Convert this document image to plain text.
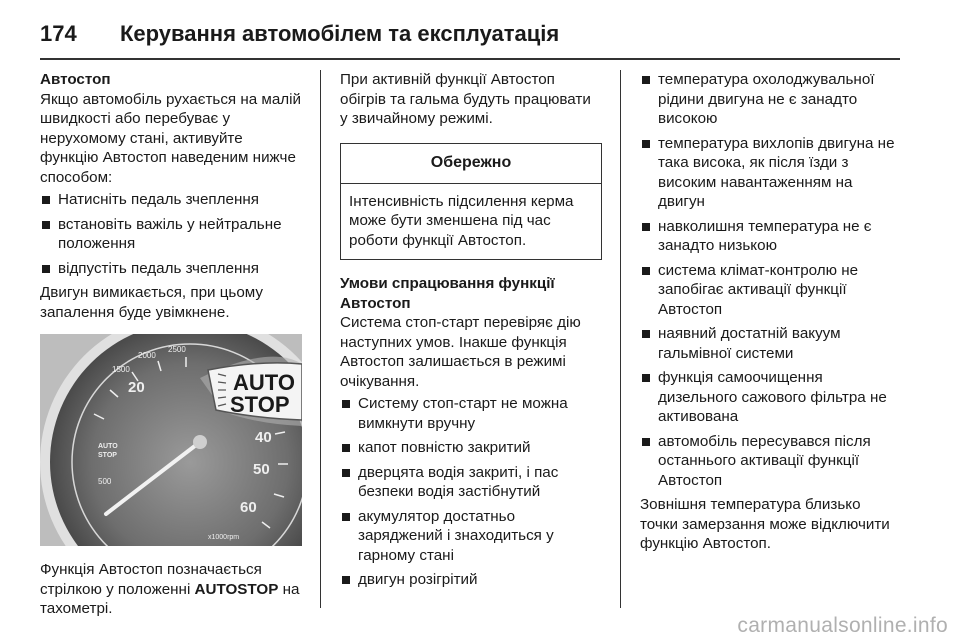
174	Керування автомобілем та експлуатація
Автостоп

Якщо автомобіль рухається на малій швидкості або перебуває у нерухомому стані, активуйте функцію Автостоп наведеним нижче способом:

Натисніть педаль зчеплення
встановіть важіль у нейтральне положення
відпустіть педаль зчеплення

Двигун вимикається, при цьому запалення буде увімкнене.

20
40
50
60
1500
2000
2500
500
x1000rpm
AUTO
STOP
AUTO
STOP

Функція Автостоп позначається стрілкою у положенні AUTOSTOP на тахометрі.

При активній функції Автостоп обігрів та гальма будуть працювати у звичайному режимі.

Обережно
Інтенсивність підсилення керма може бути зменшена під час роботи функції Автостоп.
Умови спрацювання функції Автостоп

Система стоп-старт перевіряє дію наступних умов. Інакше функція Автостоп залишається в режимі очікування.

Систему стоп-старт не можна вимкнути вручну
капот повністю закритий
дверцята водія закриті, і пас безпеки водія застібнутий
акумулятор достатньо заряджений і знаходиться у гарному стані
двигун розігрітий
температура охолоджувальної рідини двигуна не є занадто високою
температура вихлопів двигуна не така висока, як після їзди з високим навантаженням на двигун
навколишня температура не є занадто низькою
система клімат-контролю не запобігає активації функції Автостоп
наявний достатній вакуум гальмівної системи
функція самоочищення дизельного сажового фільтра не активована
автомобіль пересувався після останнього активації функції Автостоп

Зовнішня температура близько точки замерзання може відключити функцію Автостоп.

carmanualsonline.info
